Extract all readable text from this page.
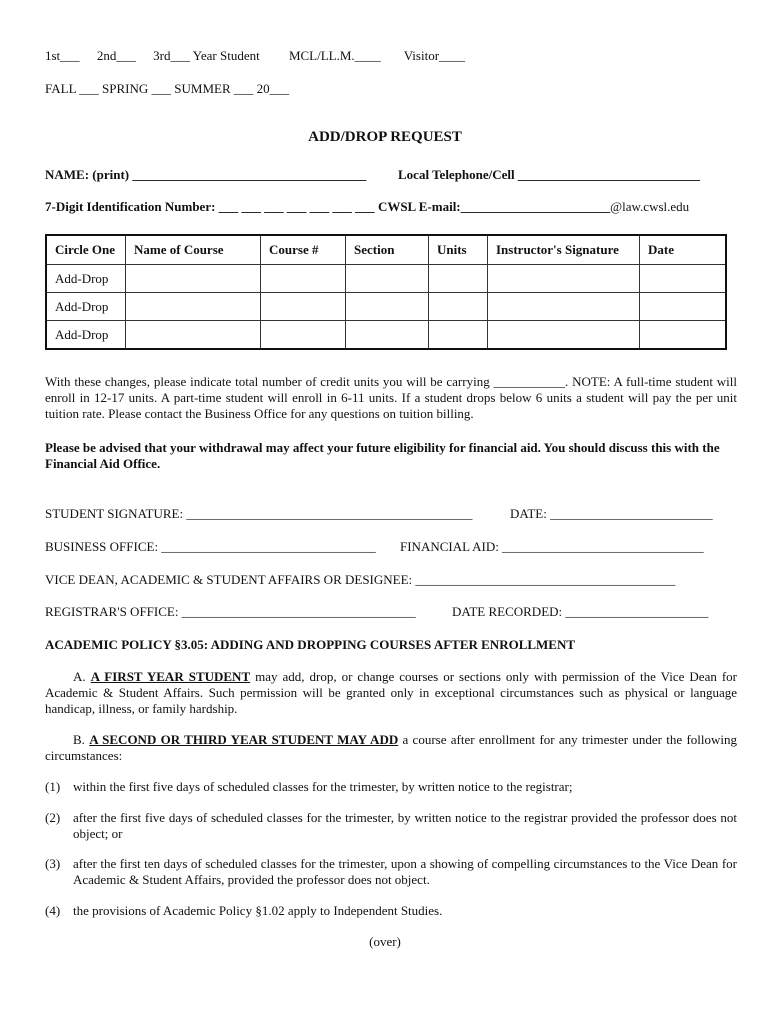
1st___ 2nd___ 3rd___ Year Student MCL/LL.M.____ Visitor____
FALL ___ SPRING ___ SUMMER ___ 20___
ADD/DROP REQUEST
NAME: (print) ____________________________________ Local Telephone/Cell ____________________________
7-Digit Identification Number: ___ ___ ___ ___ ___ ___ ___ CWSL E-mail:_______________________@law.cwsl.edu
Circle One	Name of Course	Course #	Section	Units	Instructor's Signature	Date
Add-Drop						
Add-Drop						
Add-Drop						
With these changes, please indicate total number of credit units you will be carrying ___________. NOTE: A full-time student will enroll in 12-17 units. A part-time student will enroll in 6-11 units. If a student drops below 6 units a student will pay the per unit tuition rate. Please contact the Business Office for any questions on tuition billing.
Please be advised that your withdrawal may affect your future eligibility for financial aid. You should discuss this with the Financial Aid Office.
STUDENT SIGNATURE: ____________________________________________	DATE: _________________________
BUSINESS OFFICE: _________________________________ FINANCIAL AID: _______________________________
VICE DEAN, ACADEMIC & STUDENT AFFAIRS OR DESIGNEE: ________________________________________
REGISTRAR'S OFFICE: ____________________________________	DATE RECORDED: ______________________
ACADEMIC POLICY §3.05: ADDING AND DROPPING COURSES AFTER ENROLLMENT
A. A FIRST YEAR STUDENT may add, drop, or change courses or sections only with permission of the Vice Dean for Academic & Student Affairs. Such permission will be granted only in exceptional circumstances such as physical or language handicap, illness, or family hardship.
B. A SECOND OR THIRD YEAR STUDENT MAY ADD a course after enrollment for any trimester under the following circumstances:
(1) within the first five days of scheduled classes for the trimester, by written notice to the registrar;
(2) after the first five days of scheduled classes for the trimester, by written notice to the registrar provided the professor does not object; or
(3) after the first ten days of scheduled classes for the trimester, upon a showing of compelling circumstances to the Vice Dean for Academic & Student Affairs, provided the professor does not object.
(4) the provisions of Academic Policy §1.02 apply to Independent Studies.
(over)
